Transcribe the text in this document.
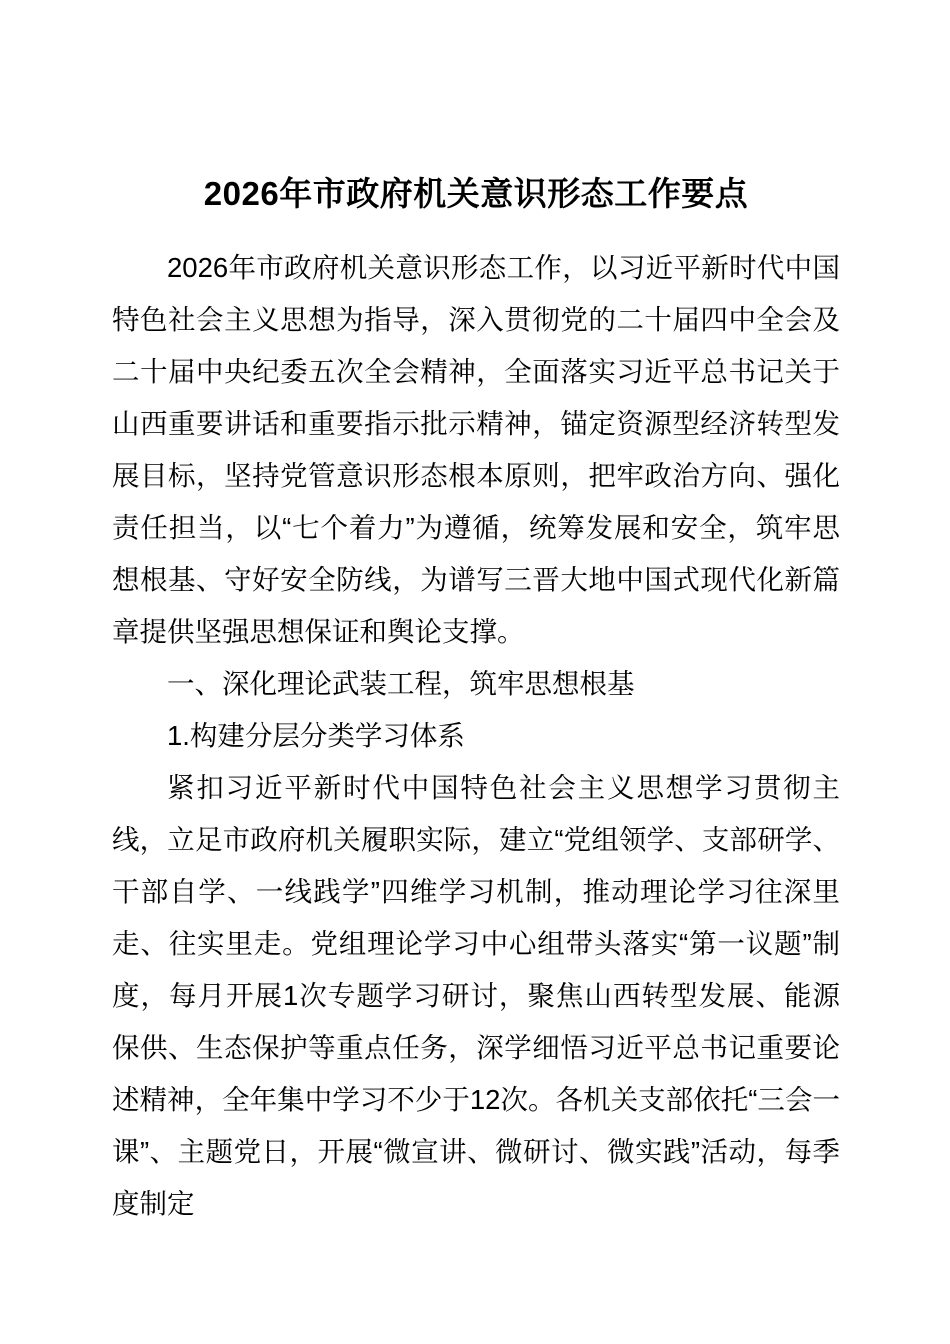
2026年市政府机关意识形态工作要点

2026年市政府机关意识形态工作，以习近平新时代中国特色社会主义思想为指导，深入贯彻党的二十届四中全会及二十届中央纪委五次全会精神，全面落实习近平总书记关于山西重要讲话和重要指示批示精神，锚定资源型经济转型发展目标，坚持党管意识形态根本原则，把牢政治方向、强化责任担当，以“七个着力”为遵循，统筹发展和安全，筑牢思想根基、守好安全防线，为谱写三晋大地中国式现代化新篇章提供坚强思想保证和舆论支撑。

一、深化理论武装工程，筑牢思想根基
1.构建分层分类学习体系

紧扣习近平新时代中国特色社会主义思想学习贯彻主线，立足市政府机关履职实际，建立“党组领学、支部研学、干部自学、一线践学”四维学习机制，推动理论学习往深里走、往实里走。党组理论学习中心组带头落实“第一议题”制度，每月开展1次专题学习研讨，聚焦山西转型发展、能源保供、生态保护等重点任务，深学细悟习近平总书记重要论述精神，全年集中学习不少于12次。各机关支部依托“三会一课”、主题党日，开展“微宣讲、微研讨、微实践”活动，每季度制定
